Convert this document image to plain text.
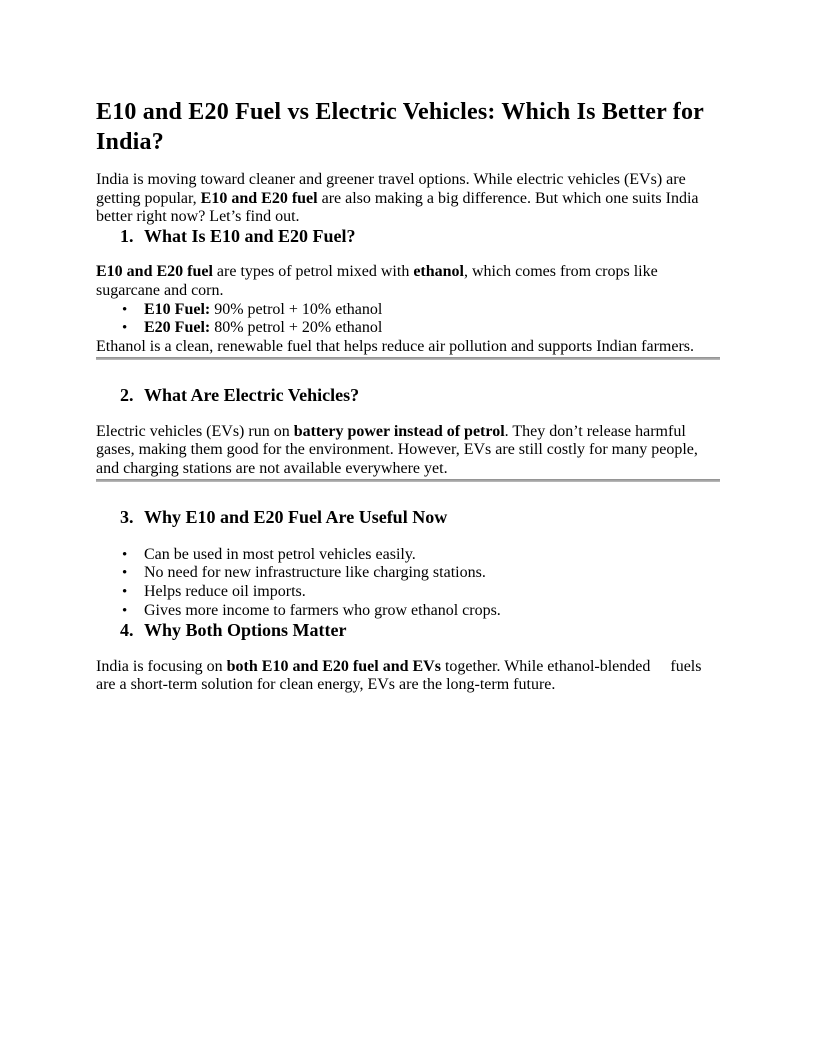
E10 and E20 Fuel vs Electric Vehicles: Which Is Better for India?

India is moving toward cleaner and greener travel options. While electric vehicles (EVs) are getting popular, E10 and E20 fuel are also making a big difference. But which one suits India better right now? Let’s find out.

1. What Is E10 and E20 Fuel?

E10 and E20 fuel are types of petrol mixed with ethanol, which comes from crops like sugarcane and corn.

• E10 Fuel: 90% petrol + 10% ethanol
• E20 Fuel: 80% petrol + 20% ethanol

Ethanol is a clean, renewable fuel that helps reduce air pollution and supports Indian farmers.

2. What Are Electric Vehicles?

Electric vehicles (EVs) run on battery power instead of petrol. They don’t release harmful gases, making them good for the environment. However, EVs are still costly for many people, and charging stations are not available everywhere yet.

3. Why E10 and E20 Fuel Are Useful Now
• Can be used in most petrol vehicles easily.
• No need for new infrastructure like charging stations.
• Helps reduce oil imports.
• Gives more income to farmers who grow ethanol crops.
4. Why Both Options Matter

India is focusing on both E10 and E20 fuel and EVs together. While ethanol-blended     fuels are a short-term solution for clean energy, EVs are the long-term future.
